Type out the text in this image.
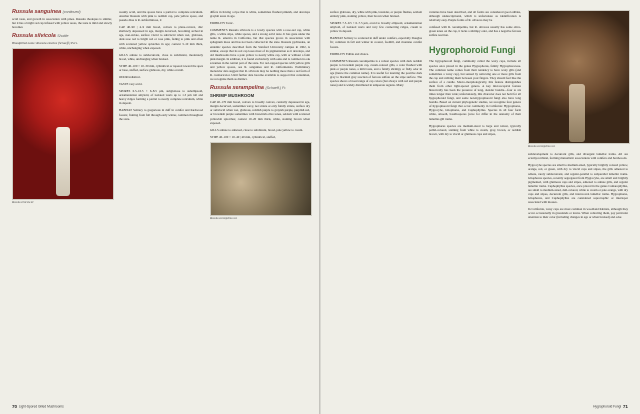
Russula sanguinea (continued)

acrid taste, and growth in association with pines. Russula rhodopus is similar, but it has a bright red cap infused with yellow areas, the taste is mild and slowly becomes

Russula silvicola Shuttle
Bloodpilled name: Russula emetica (Schaeff.) Pers.
Russula silvicola #1

weakly acrid, and the spores have a partial to complete reticulum. Another Russula with pink to reddish cap, pale yellow spore, and pseudo-blue is R. subforminosa, it

CAP 40–90 | 4–9 mm broad, convex to plane-convex, disc shallowly depressed in age, margin decurved, becoming arched in age, non-striate, surface viscid to subviscid when wet, glabrous, dark rose red to bright red or rose pink, fading to pink and often with scattered yellow splotches in age; context 3–10 mm thick, white, unchanging when exposed.

GILLS adnate to subdecurrent, close to subdistant, moderately broad, white, unchanging when bruised.

STIPE 40–100 × 10–30 mm, cylindrical or tapered toward the apex or base, stuffed, surface glabrous, dry, white overall.

ODOR indistinct.

TASTE very acrid.

SPORES 6.5–10.5 × 6–8.5 µm, subglobose to subellipsoid, ornamentation amyloid, of isolated warts up to 1.3 µm tall and heavy ridges forming a partial to nearly complete reticulum, white in deposit.

HABITAT Solitary to gregarious in duff in conifer and hardwood forests; fruiting from fall through early winter, common throughout the state.

differs in having a ripe that is white, sometimes flushed pinkish, and develops grayish areas in age.

EDIBILITY Toxic.

COMMENTS Russula silvicola is a lovely species with a rose-red cap, white gills, a white stipe, white spores, and a strong acrid taste. It has gone under the name R. emetica in California, but that species grows in association with sphagnum moss and has not been collected in the state. Russula pychnadea, an endemic species described from the Stanford University campus in 1902, is similar, except that its red cap loses most of its pigmentation as it develops, and old mushrooms have a pale yellow to nearly white cap, with or without a faint pink margin. In addition, it is found exclusively with oaks and is common in oak savannas in the central part of the state. For red-capped species with yellow gills and yellow spores, see R. sanguinea and R. californiensis. Preliminary molecular data suggest that R. silvicola may be nothing more than a red form of R. cremoricolor. Until further data become available to support that contention, we recognize them as distinct.

Russula xerampelina (Schaeff.) Fr.
SHRIMP MUSHROOM

CAP 40–170 mm broad, convex to broadly convex, centrally depressed in age, margin decurved, sometimes wavy, not striate or only faintly striate, surface dry or subviscid when wet, glabrous, reddish purple to grayish purple, purplish red, or brownish purple sometimes with brownish olive tones, seldom with scattered yellowish splotches; context 10–20 mm thick, white, staining brown when exposed.

GILLS adnate to adnexed, close to subdistant, broad, pale yellow to cream.

STIPE 40–100 × 10–40 | 40 mm, cylindrical, stuffed,

Russula xerampelina var.
70 Light-Spored Gilled Mushrooms

surface glabrous, dry, white with pink, lavender, or purple flushes, seldom entirely pink, staining yellow, then brown when bruised.

SPORES 7.5–9.5 × 6–7.5 µm, ovoid to broadly ellipsoid, ornamentation amyloid, of isolated warts and very few connecting ridges, cream to yellow in deposit.

HABITAT Solitary to scattered in duff under conifers, especially Douglas fir; common in fall and winter in coastal, foothill, and montane conifer forests.

EDIBILITY Edible and choice.

COMMENTS Russula xerampelina is a robust species with dark reddish purple to brownish purple cap, cream-colored gills, a color flushed with pink or purple tones, a mild taste, and a faintly shrimpy or fishy odor in age (hence the common name). It is useful for learning the positive dark gray to blackish gray reaction of ferrous sulfate on the stipe surface. The species shows a broad range of cap colors (but always with red and purple tones) and is widely distributed in temperate regions. Many

varieties have been described, and all forms are considered good edibles, although undescriptional, which is unfortunate as identification is relatively easy. Purple forms of R. olivacea may be

confused with R. xerampelina, but R. olivacea usually has some olive-green tones on the cap, it lacks a shrimpy odor, and has a negative ferrous sulfate reaction.

Hygrophoroid Fungi

The hygrophoroid fungi, commonly called the waxy caps, include all species once placed in the genus Hygrophorus, family Hygrophoraceae. The common name comes from their tendency to have waxy gills (and sometimes a waxy cap), but sensed by removing one or more gills from the cap and rubbing them between your fingers. They should feel like the surface of a candle. Macro-morphologically, this feature distinguishes them from other light-spored genera. A key microscopical feature historically has been the presence of long, slender basidia—four to six times longer than wide; unfortunately, this character does not hold for all hygrophoroid fungi, and some non-hygrophoroid fungi also have long basidia. Based on current phylogenetic studies, we recognize four genera of hygrophoroid fungi that occur commonly in California: Hygrophorus, Hygrocybe, Gliophorus, and Cuphophyllus. Species in all four form white, smooth, basidiospores (save for differ in the anatomy of their lamellar-gill trama.

Hygrophorus species are medium-sized to large and robust, typically pallid-colored, staining from white to cream, gray, brown, or reddish brown, with dry to viscid or glutinous caps and stipes,

Russula xerampelina var.

subdevelopment to decurrent gills, and divergent lamellar trama. All are ectomycorrhizal, forming mutualistic associations with conifers and hardwoods.

Hygrocybe species are small to medium-sized, typically brightly colored yellow, orange, red, or green, with dry to viscid caps and stipes, the gills adnexed to adnate, rarely subdecurrent, and regular-parallel to subparallel lamellar trama. Gliophorus species, recently segregated from Hygrocybe, are small and brightly pigmented, with glutinous caps and stipes, adnexed to adnate gills, and regular lamellar trama. Cuphophyllus species, once placed in the genus Camarophyllus, are small to medium-sized, dull-colored, white to cream or pale orange, with dry caps and stipes, decurrent gills, and interwoven lamellar trama. Hygrophorus, Gliophorus, and Cuphophyllus are considered saprotrophic or interloper associated with mosses.

In California, waxy caps are most common in woodland habitats, although they occur occasionally in grasslands or lawns. When collecting them, pay particular attention to their color (including changes in age or when bruised) and odor.

Hygrophoroid Fungi 71
